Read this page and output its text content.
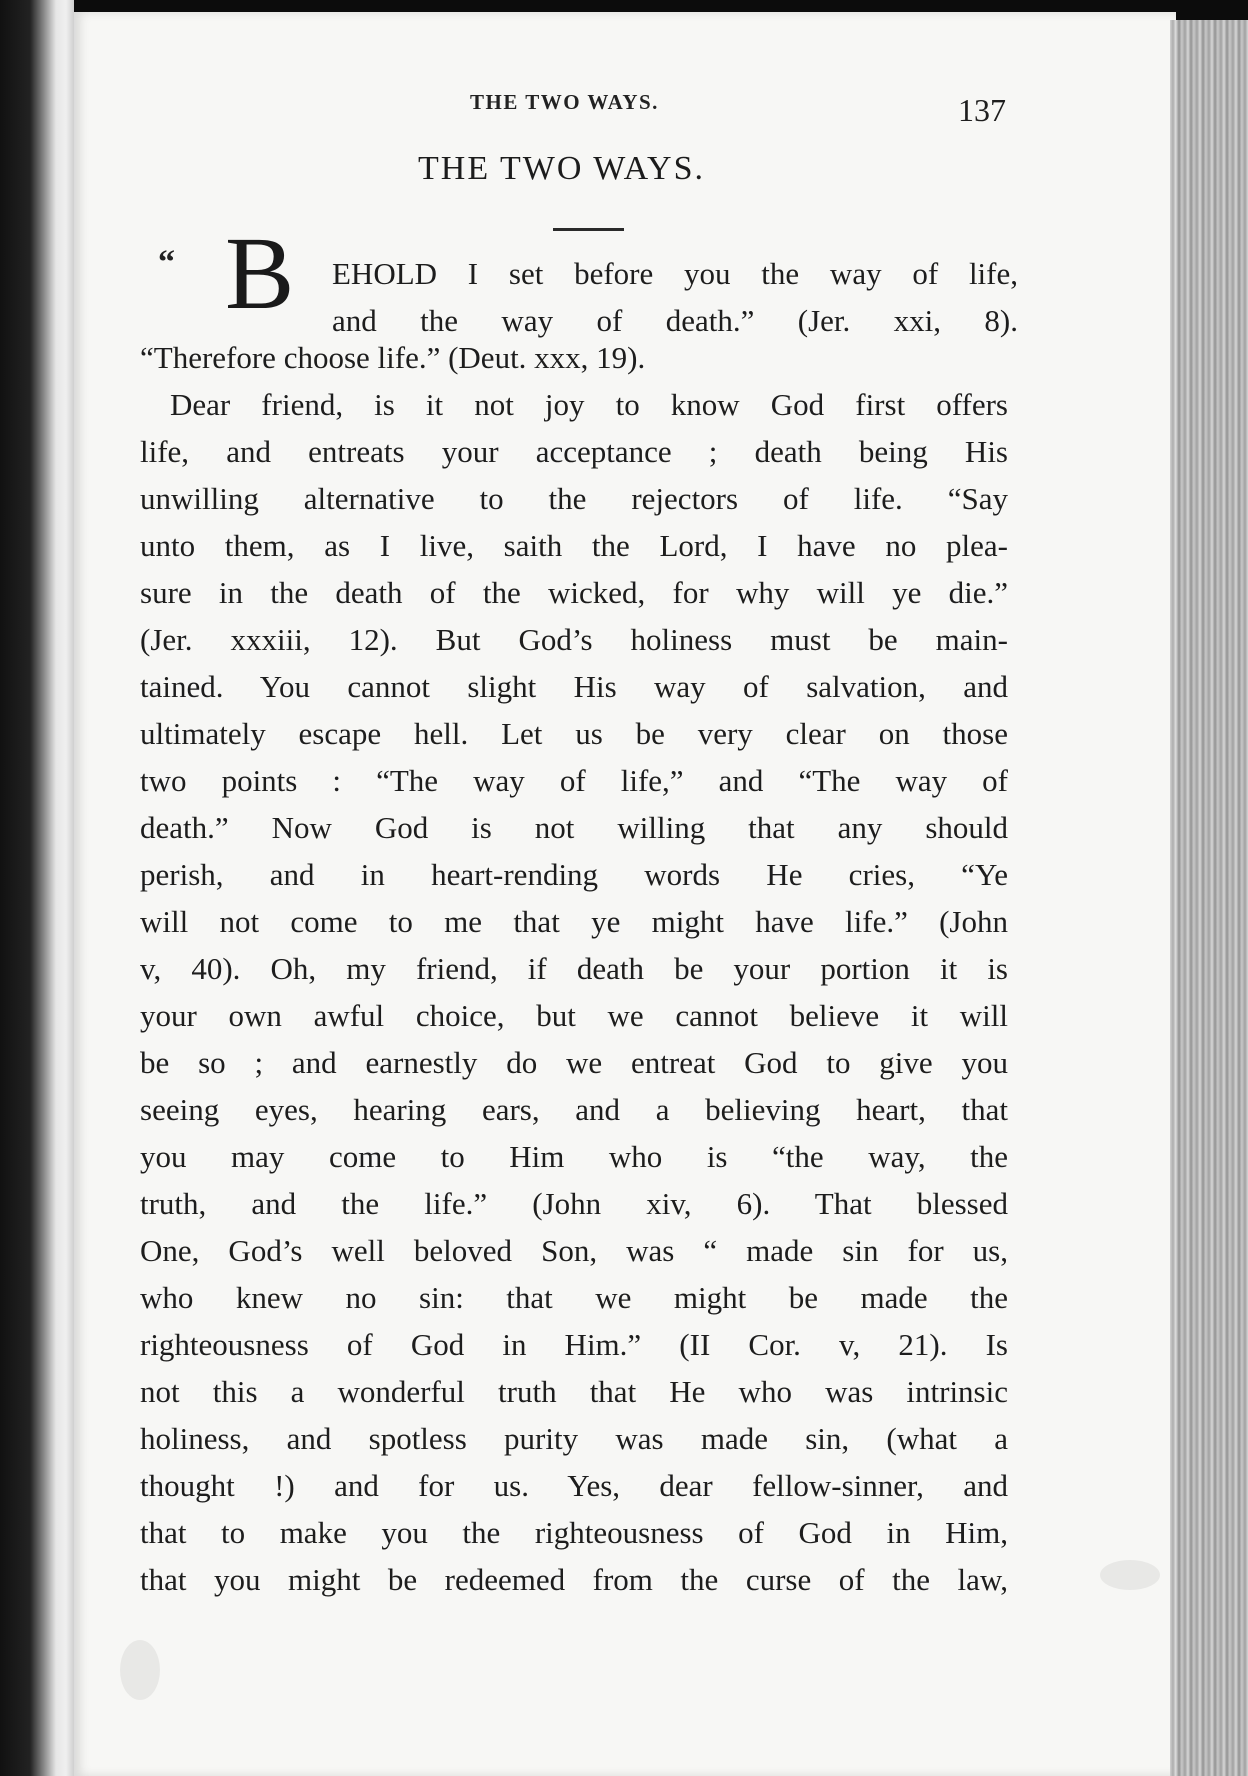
THE TWO WAYS.	137
THE TWO WAYS.
“ B EHOLD I set before you the way of life,
and the way of death.” (Jer. xxi, 8).
“Therefore choose life.” (Deut. xxx, 19).
Dear friend, is it not joy to know God first offers
life, and entreats your acceptance ; death being His
unwilling alternative to the rejectors of life. “Say
unto them, as I live, saith the Lord, I have no plea-
sure in the death of the wicked, for why will ye die.”
(Jer. xxxiii, 12). But God’s holiness must be main-
tained. You cannot slight His way of salvation, and
ultimately escape hell. Let us be very clear on those
two points : “The way of life,” and “The way of
death.” Now God is not willing that any should
perish, and in heart-rending words He cries, “Ye
will not come to me that ye might have life.” (John
v, 40). Oh, my friend, if death be your portion it is
your own awful choice, but we cannot believe it will
be so ; and earnestly do we entreat God to give you
seeing eyes, hearing ears, and a believing heart, that
you may come to Him who is “the way, the
truth, and the life.” (John xiv, 6). That blessed
One, God’s well beloved Son, was “ made sin for us,
who knew no sin: that we might be made the
righteousness of God in Him.” (II Cor. v, 21). Is
not this a wonderful truth that He who was intrinsic
holiness, and spotless purity was made sin, (what a
thought !) and for us. Yes, dear fellow-sinner, and
that to make you the righteousness of God in Him,
that you might be redeemed from the curse of the law,
